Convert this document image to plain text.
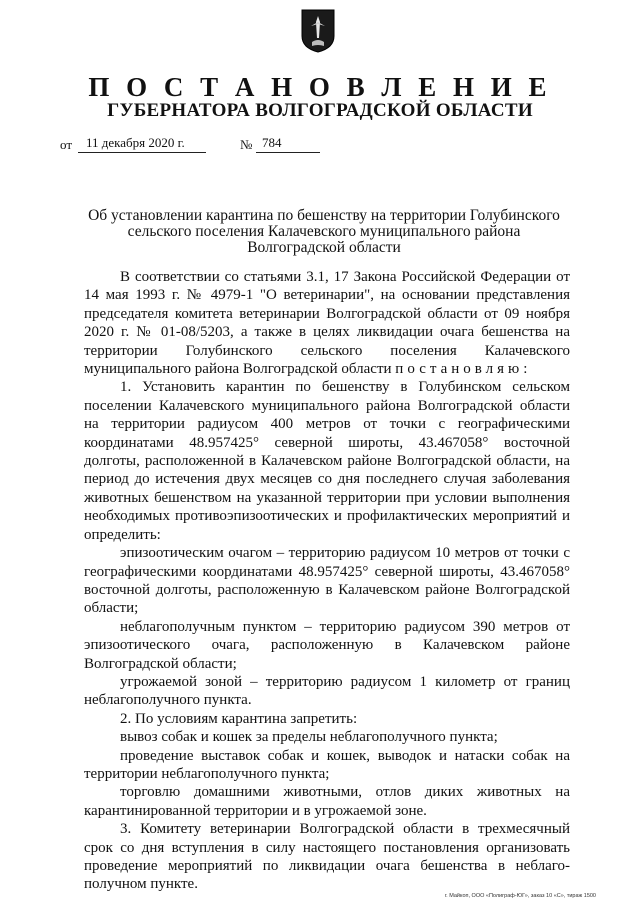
П О С Т А Н О В Л Е Н И Е
ГУБЕРНАТОРА ВОЛГОГРАДСКОЙ ОБЛАСТИ
от 11 декабря 2020 г.	№ 784
Об установлении карантина по бешенству на территории Голубинского
сельского поселения Калачевского муниципального района
Волгоградской области

В соответствии со статьями 3.1, 17 Закона Российской Федерации от 14 мая 1993 г. № 4979-1 "О ветеринарии", на основании представления председателя комитета ветеринарии Волгоградской области от 09 ноября 2020 г. № 01-08/5203, а также в целях ликвидации очага бешенства на территории Голубинского сельского поселения Калачевского муниципального района Волгоградской области постановляю:

1. Установить карантин по бешенству в Голубинском сельском поселении Калачевского муниципального района Волгоградской области на территории радиусом 400 метров от точки с географическими координатами 48.957425° северной широты, 43.467058° восточной долготы, расположенной в Калачевском районе Волгоградской области, на период до истечения двух месяцев со дня последнего случая заболевания животных бешенством на указанной территории при условии выполнения необходимых противоэпизоотических и профилактических мероприятий и определить:

эпизоотическим очагом – территорию радиусом 10 метров от точки с географическими координатами 48.957425° северной широты, 43.467058° восточной долготы, расположенную в Калачевском районе Волгоградской области;

неблагополучным пунктом – территорию радиусом 390 метров от эпизоотического очага, расположенную в Калачевском районе Волгоградской области;

угрожаемой зоной – территорию радиусом 1 километр от границ неблагополучного пункта.

2. По условиям карантина запретить:

вывоз собак и кошек за пределы неблагополучного пункта;

проведение выставок собак и кошек, выводок и натаски собак на территории неблагополучного пункта;

торговлю домашними животными, отлов диких животных на карантинированной территории и в угрожаемой зоне.

3. Комитету ветеринарии Волгоградской области в трехмесячный срок со дня вступления в силу настоящего постановления организовать проведение мероприятий по ликвидации очага бешенства в неблаго-получном пункте.

г. Майкоп, ООО «Полиграф-ЮГ», заказ 10 «С», тираж 1500
